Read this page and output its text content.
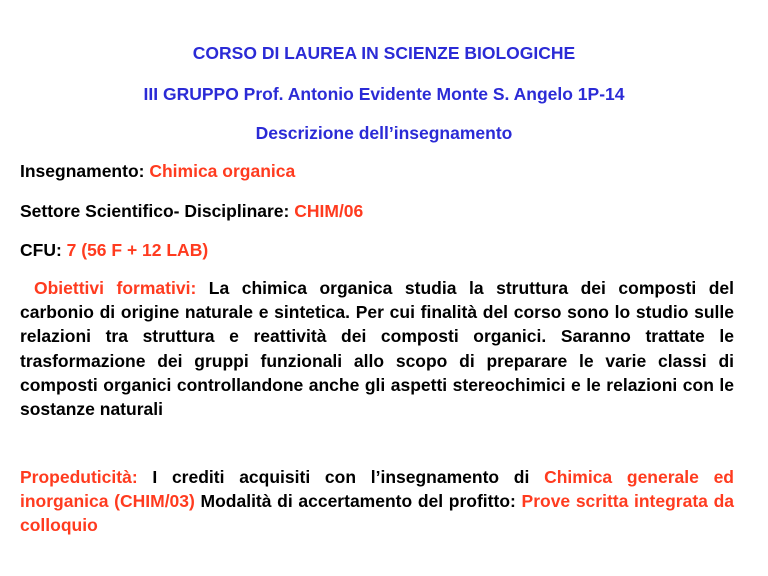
CORSO DI LAUREA IN SCIENZE BIOLOGICHE
III GRUPPO Prof. Antonio Evidente Monte S. Angelo 1P-14
Descrizione dell’insegnamento
Insegnamento: Chimica organica
Settore Scientifico- Disciplinare: CHIM/06
CFU: 7 (56 F + 12 LAB)
Obiettivi formativi: La chimica organica studia la struttura dei composti del carbonio di origine naturale e sintetica. Per cui finalità del corso sono lo studio sulle relazioni tra struttura e reattività dei composti organici. Saranno trattate le trasformazione dei gruppi funzionali allo scopo di preparare le varie classi di composti organici controllandone anche gli aspetti stereochimici e le relazioni con le sostanze naturali
Propeduticità: I crediti acquisiti con l’insegnamento di Chimica generale ed inorganica (CHIM/03) Modalità di accertamento del profitto: Prove scritta integrata da colloquio
